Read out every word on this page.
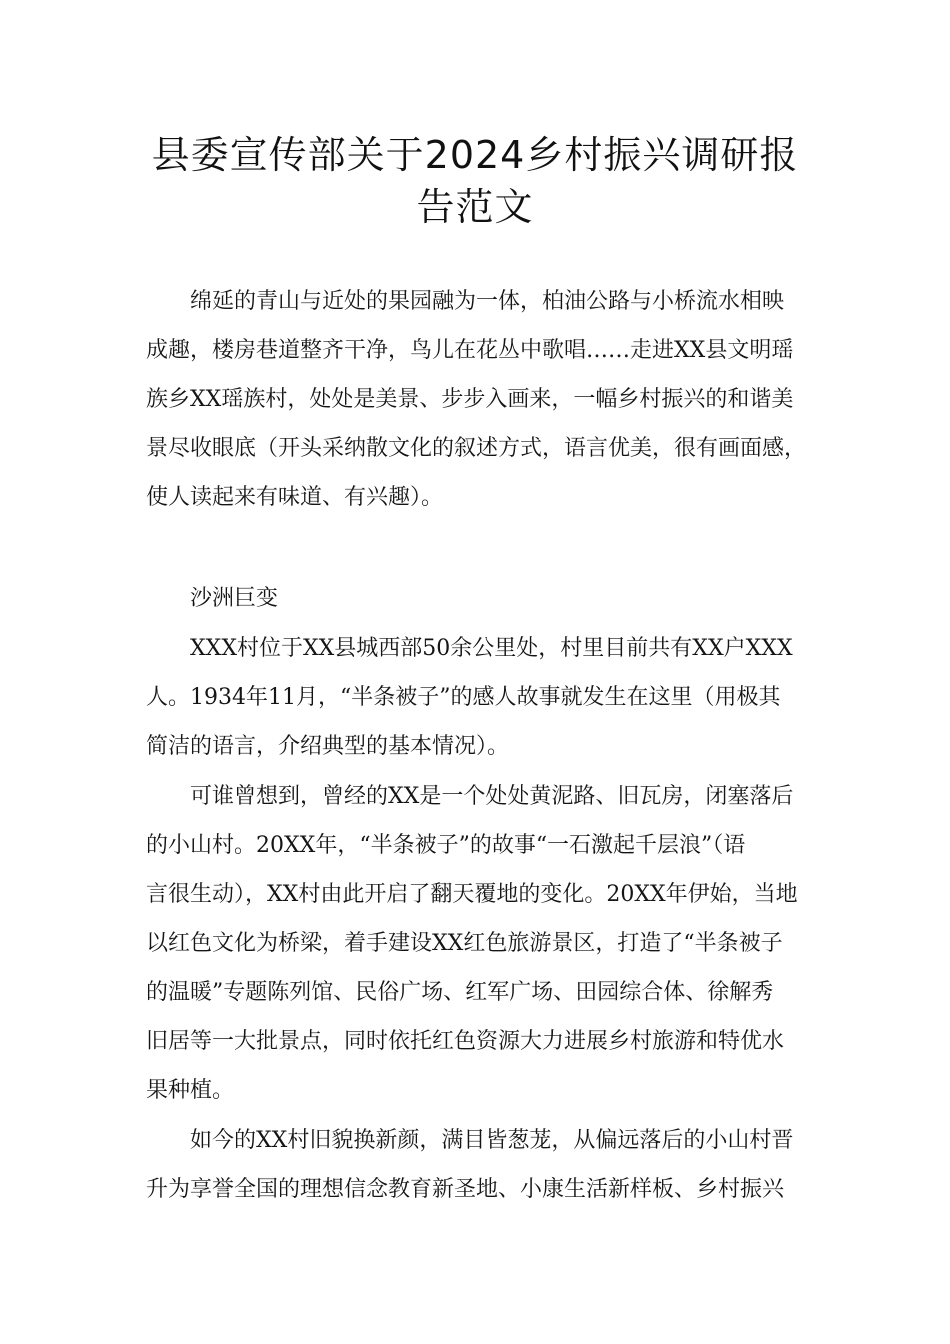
县委宣传部关于2024乡村振兴调研报
告范文
绵延的青山与近处的果园融为一体，柏油公路与小桥流水相映
成趣，楼房巷道整齐干净，鸟儿在花丛中歌唱……走进XX县文明瑶
族乡XX瑶族村，处处是美景、步步入画来，一幅乡村振兴的和谐美
景尽收眼底（开头采纳散文化的叙述方式，语言优美，很有画面感，
使人读起来有味道、有兴趣）。
沙洲巨变
XXX村位于XX县城西部50余公里处，村里目前共有XX户XXX
人。1934年11月，“半条被子”的感人故事就发生在这里（用极其
简洁的语言，介绍典型的基本情况）。
可谁曾想到，曾经的XX是一个处处黄泥路、旧瓦房，闭塞落后
的小山村。20XX年，“半条被子”的故事“一石激起千层浪”（语
言很生动），XX村由此开启了翻天覆地的变化。20XX年伊始，当地
以红色文化为桥梁，着手建设XX红色旅游景区，打造了“半条被子
的温暖”专题陈列馆、民俗广场、红军广场、田园综合体、徐解秀
旧居等一大批景点，同时依托红色资源大力进展乡村旅游和特优水
果种植。
如今的XX村旧貌换新颜，满目皆葱茏，从偏远落后的小山村晋
升为享誉全国的理想信念教育新圣地、小康生活新样板、乡村振兴
